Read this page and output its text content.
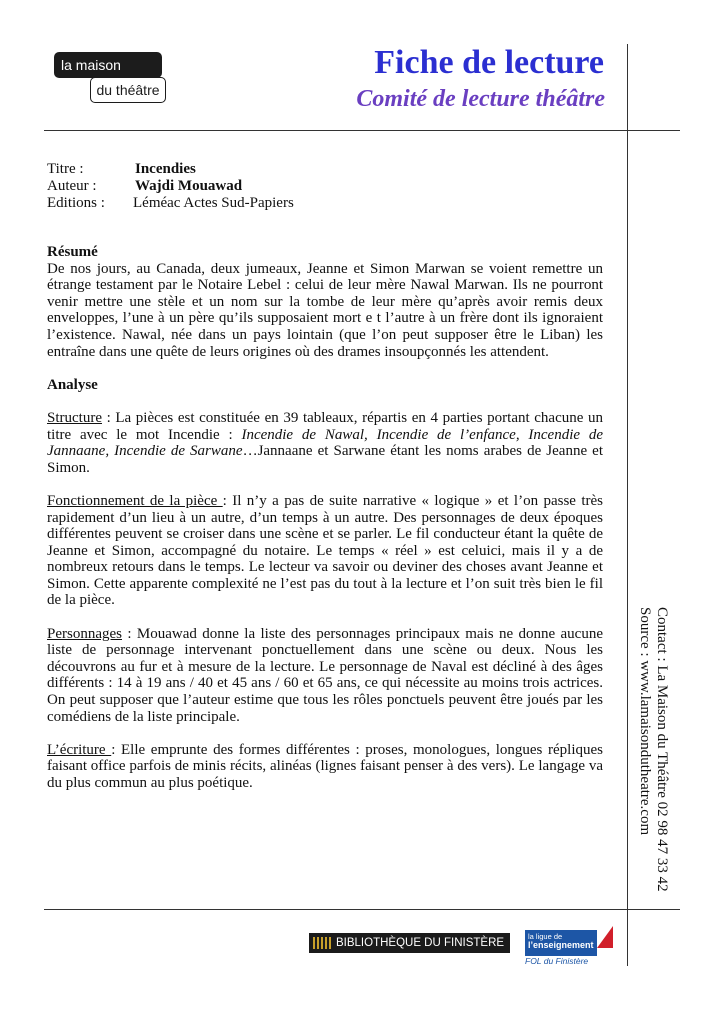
la maison
du théâtre
Fiche de lecture
Comité de lecture théâtre
Titre :	Incendies
Auteur :	Wajdi Mouawad
Editions : Léméac Actes Sud-Papiers

Résumé

De nos jours, au Canada, deux jumeaux, Jeanne et Simon Marwan se voient remettre un étrange testament par le Notaire Lebel : celui de leur mère Nawal Marwan. Ils ne pourront venir mettre une stèle et un nom sur la tombe de leur mère qu’après avoir remis deux enveloppes, l’une à un père qu’ils supposaient mort e t l’autre à un frère dont ils ignoraient l’existence. Nawal, née dans un pays lointain (que l’on peut supposer être le Liban) les entraîne dans une quête de leurs origines où des drames insoupçonnés les attendent.

Analyse

Structure : La pièces est constituée en 39 tableaux, répartis en 4 parties portant chacune un titre avec le mot Incendie : Incendie de Nawal, Incendie de l’enfance, Incendie de Jannaane, Incendie de Sarwane…Jannaane et Sarwane étant les noms arabes de Jeanne et Simon.

Fonctionnement de la pièce : Il n’y a pas de suite narrative « logique » et l’on passe très rapidement d’un lieu à un autre, d’un temps à un autre. Des personnages de deux époques différentes peuvent se croiser dans une scène et se parler. Le fil conducteur étant la quête de Jeanne et Simon, accompagné du notaire. Le temps « réel » est celuici, mais il y a de nombreux retours dans le temps. Le lecteur va savoir ou deviner des choses avant Jeanne et Simon. Cette apparente complexité ne l’est pas du tout à la lecture et l’on suit très bien le fil de la pièce.

Personnages : Mouawad donne la liste des personnages principaux mais ne donne aucune liste de personnage intervenant ponctuellement dans une scène ou deux. Nous les découvrons au fur et à mesure de la lecture. Le personnage de Naval est décliné à des âges différents : 14 à 19 ans / 40 et 45 ans / 60 et 65 ans, ce qui nécessite au moins trois actrices. On peut supposer que l’auteur estime que tous les rôles ponctuels peuvent être joués par les comédiens de la liste principale.

L’écriture : Elle emprunte des formes différentes : proses, monologues, longues répliques faisant office parfois de minis récits, alinéas (lignes faisant penser à des vers). Le langage va du plus commun au plus poétique.	Contact : La Maison du Théâtre 02 98 47 33 42
Source : www.lamaisondutheatre.com
BIBLIOTHÈQUE DU FINISTÈRE
la ligue de
l’enseignement
FOL du Finistère
